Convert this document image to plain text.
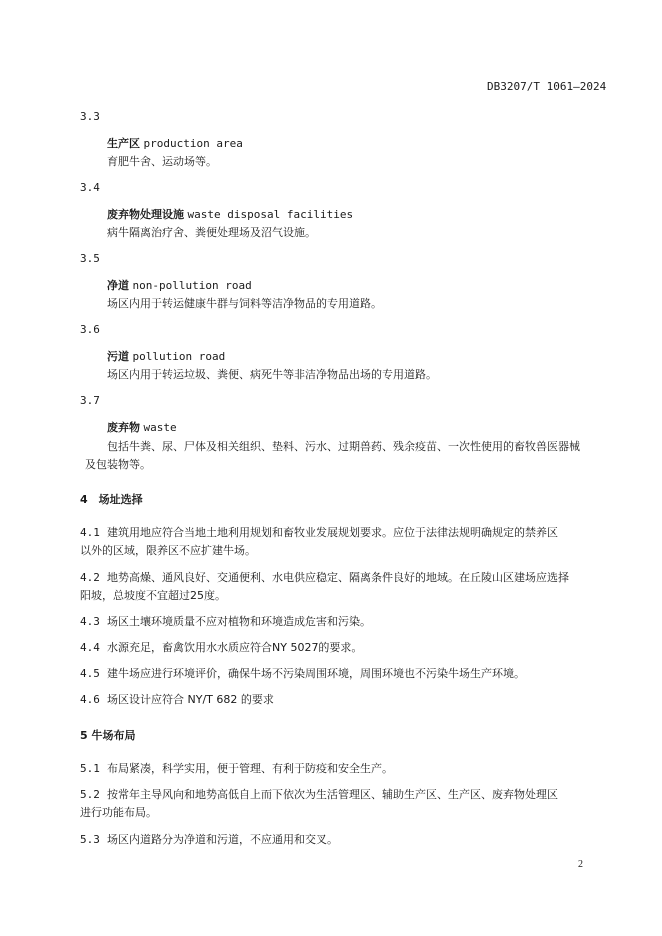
DB3207/T 1061—2024
3.3
生产区 production area
育肥牛舍、运动场等。
3.4
废弃物处理设施 waste disposal facilities
病牛隔离治疗舍、粪便处理场及沼气设施。
3.5
净道 non-pollution road
场区内用于转运健康牛群与饲料等洁净物品的专用道路。
3.6
污道 pollution road
场区内用于转运垃圾、粪便、病死牛等非洁净物品出场的专用道路。
3.7
废弃物 waste
包括牛粪、尿、尸体及相关组织、垫料、污水、过期兽药、残余疫苗、一次性使用的畜牧兽医器械
及包装物等。
4　场址选择
4.1 建筑用地应符合当地土地利用规划和畜牧业发展规划要求。应位于法律法规明确规定的禁养区
以外的区域，限养区不应扩建牛场。
4.2 地势高燥、通风良好、交通便利、水电供应稳定、隔离条件良好的地域。在丘陵山区建场应选择
阳坡，总坡度不宜超过25度。
4.3 场区土壤环境质量不应对植物和环境造成危害和污染。
4.4 水源充足，畜禽饮用水水质应符合NY 5027的要求。
4.5 建牛场应进行环境评价，确保牛场不污染周围环境，周围环境也不污染牛场生产环境。
4.6 场区设计应符合 NY/T 682 的要求
5 牛场布局
5.1 布局紧凑，科学实用，便于管理、有利于防疫和安全生产。
5.2 按常年主导风向和地势高低自上而下依次为生活管理区、辅助生产区、生产区、废弃物处理区
进行功能布局。
5.3 场区内道路分为净道和污道，不应通用和交叉。
2
